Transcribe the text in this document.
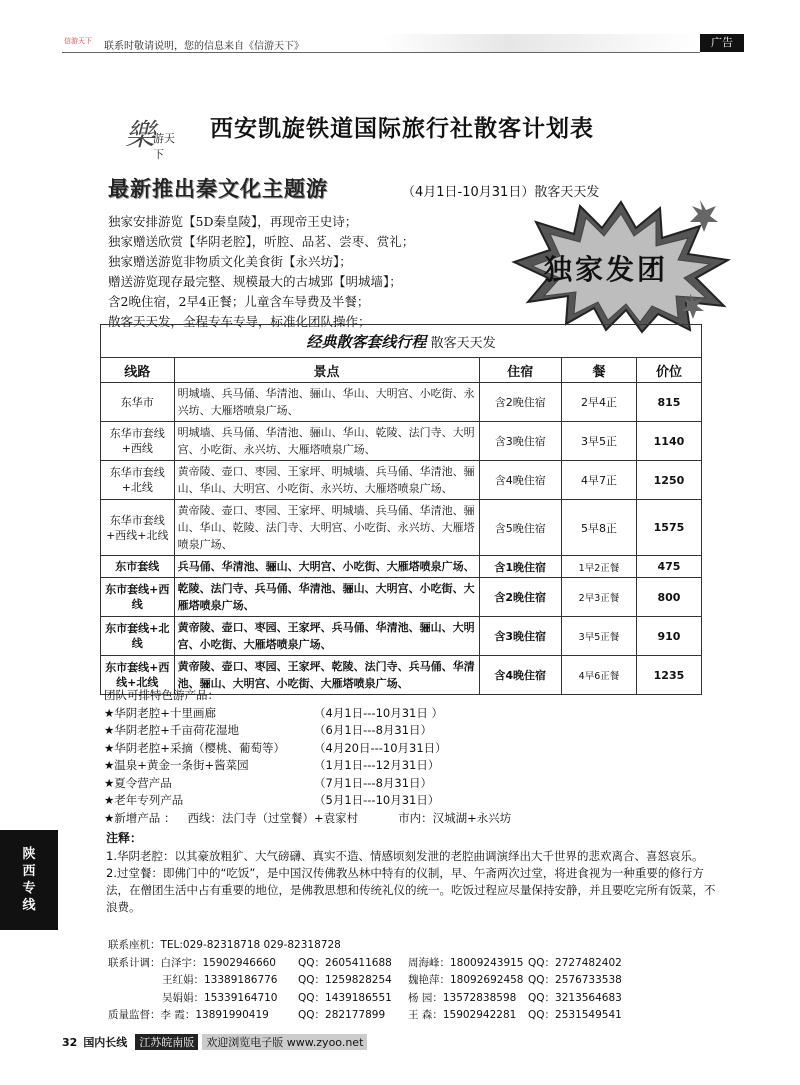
信游天下	联系时敬请说明，您的信息来自《信游天下》	广告
陕
西
专
线
樂
游天下
西安凯旋铁道国际旅行社散客计划表
最新推出秦文化主题游	（4月1日-10月31日）散客天天发
独家安排游览【5D秦皇陵】，再现帝王史诗；
独家赠送欣赏【华阴老腔】，听腔、品茗、尝枣、赏礼；
独家赠送游览非物质文化美食街【永兴坊】；
赠送游览现存最完整、规模最大的古城郢【明城墙】；
含2晚住宿，2早4正餐；儿童含车导费及半餐；
散客天天发，全程专车专导，标准化团队操作；
独家发团
经典散客套线行程 散客天天发				
线路	景点	住宿	餐	价位
东华市	明城墙、兵马俑、华清池、骊山、华山、大明宫、小吃街、永兴坊、大雁塔喷泉广场、	含2晚住宿	2早4正	815
东华市套线+西线	明城墙、兵马俑、华清池、骊山、华山、乾陵、法门寺、大明宫、小吃街、永兴坊、大雁塔喷泉广场、	含3晚住宿	3早5正	1140
东华市套线+北线	黄帝陵、壶口、枣园、王家坪、明城墙、兵马俑、华清池、骊山、华山、大明宫、小吃街、永兴坊、大雁塔喷泉广场、	含4晚住宿	4早7正	1250
东华市套线+西线+北线	黄帝陵、壶口、枣园、王家坪、明城墙、兵马俑、华清池、骊山、华山、乾陵、法门寺、大明宫、小吃街、永兴坊、大雁塔喷泉广场、	含5晚住宿	5早8正	1575
东市套线	兵马俑、华清池、骊山、大明宫、小吃街、大雁塔喷泉广场、	含1晚住宿	1早2正餐	475
东市套线+西线	乾陵、法门寺、兵马俑、华清池、骊山、大明宫、小吃街、大雁塔喷泉广场、	含2晚住宿	2早3正餐	800
东市套线+北线	黄帝陵、壶口、枣园、王家坪、兵马俑、华清池、骊山、大明宫、小吃街、大雁塔喷泉广场、	含3晚住宿	3早5正餐	910
东市套线+西线+北线	黄帝陵、壶口、枣园、王家坪、乾陵、法门寺、兵马俑、华清池、骊山、大明宫、小吃街、大雁塔喷泉广场、	含4晚住宿	4早6正餐	1235
团队可排特色游产品：
★华阴老腔+十里画廊	（4月1日---10月31日 ）
★华阴老腔+千亩荷花湿地	（6月1日---8月31日）
★华阴老腔+采摘（樱桃、葡萄等）	（4月20日---10月31日）
★温泉+黄金一条街+酱菜园	（1月1日---12月31日）
★夏令营产品	（7月1日---8月31日）
★老年专列产品	（5月1日---10月31日）
★新增产品 ： 西线：法门寺（过堂餐）+袁家村	市内：汉城湖+永兴坊
注释：
1.华阴老腔：以其豪放粗犷、大气磅礴、真实不造、情感顷刻发泄的老腔曲调演绎出大千世界的悲欢离合、喜怒哀乐。
2.过堂餐：即佛门中的“吃饭”，是中国汉传佛教丛林中特有的仪制，早、午斋两次过堂，将进食视为一种重要的修行方法，在僧团生活中占有重要的地位，是佛教思想和传统礼仪的统一。吃饭过程应尽量保持安静，并且要吃完所有饭菜，不浪费。
联系座机：TEL:029-82318718 029-82318728
联系计调：白泽宇：15902946660	QQ：2605411688	周海峰：18009243915 QQ：2727482402
王红娟：13389186776	QQ：1259828254	魏艳萍：18092692458 QQ：2576733538
吴娟娟：15339164710	QQ：1439186551	杨 园：13572838598	QQ：3213564683
质量监督：李 霞：13891990419	QQ：282177899	王 森：15902942281	QQ：2531549541
32 国内长线	江苏皖南版	欢迎浏览电子版 www.zyoo.net
